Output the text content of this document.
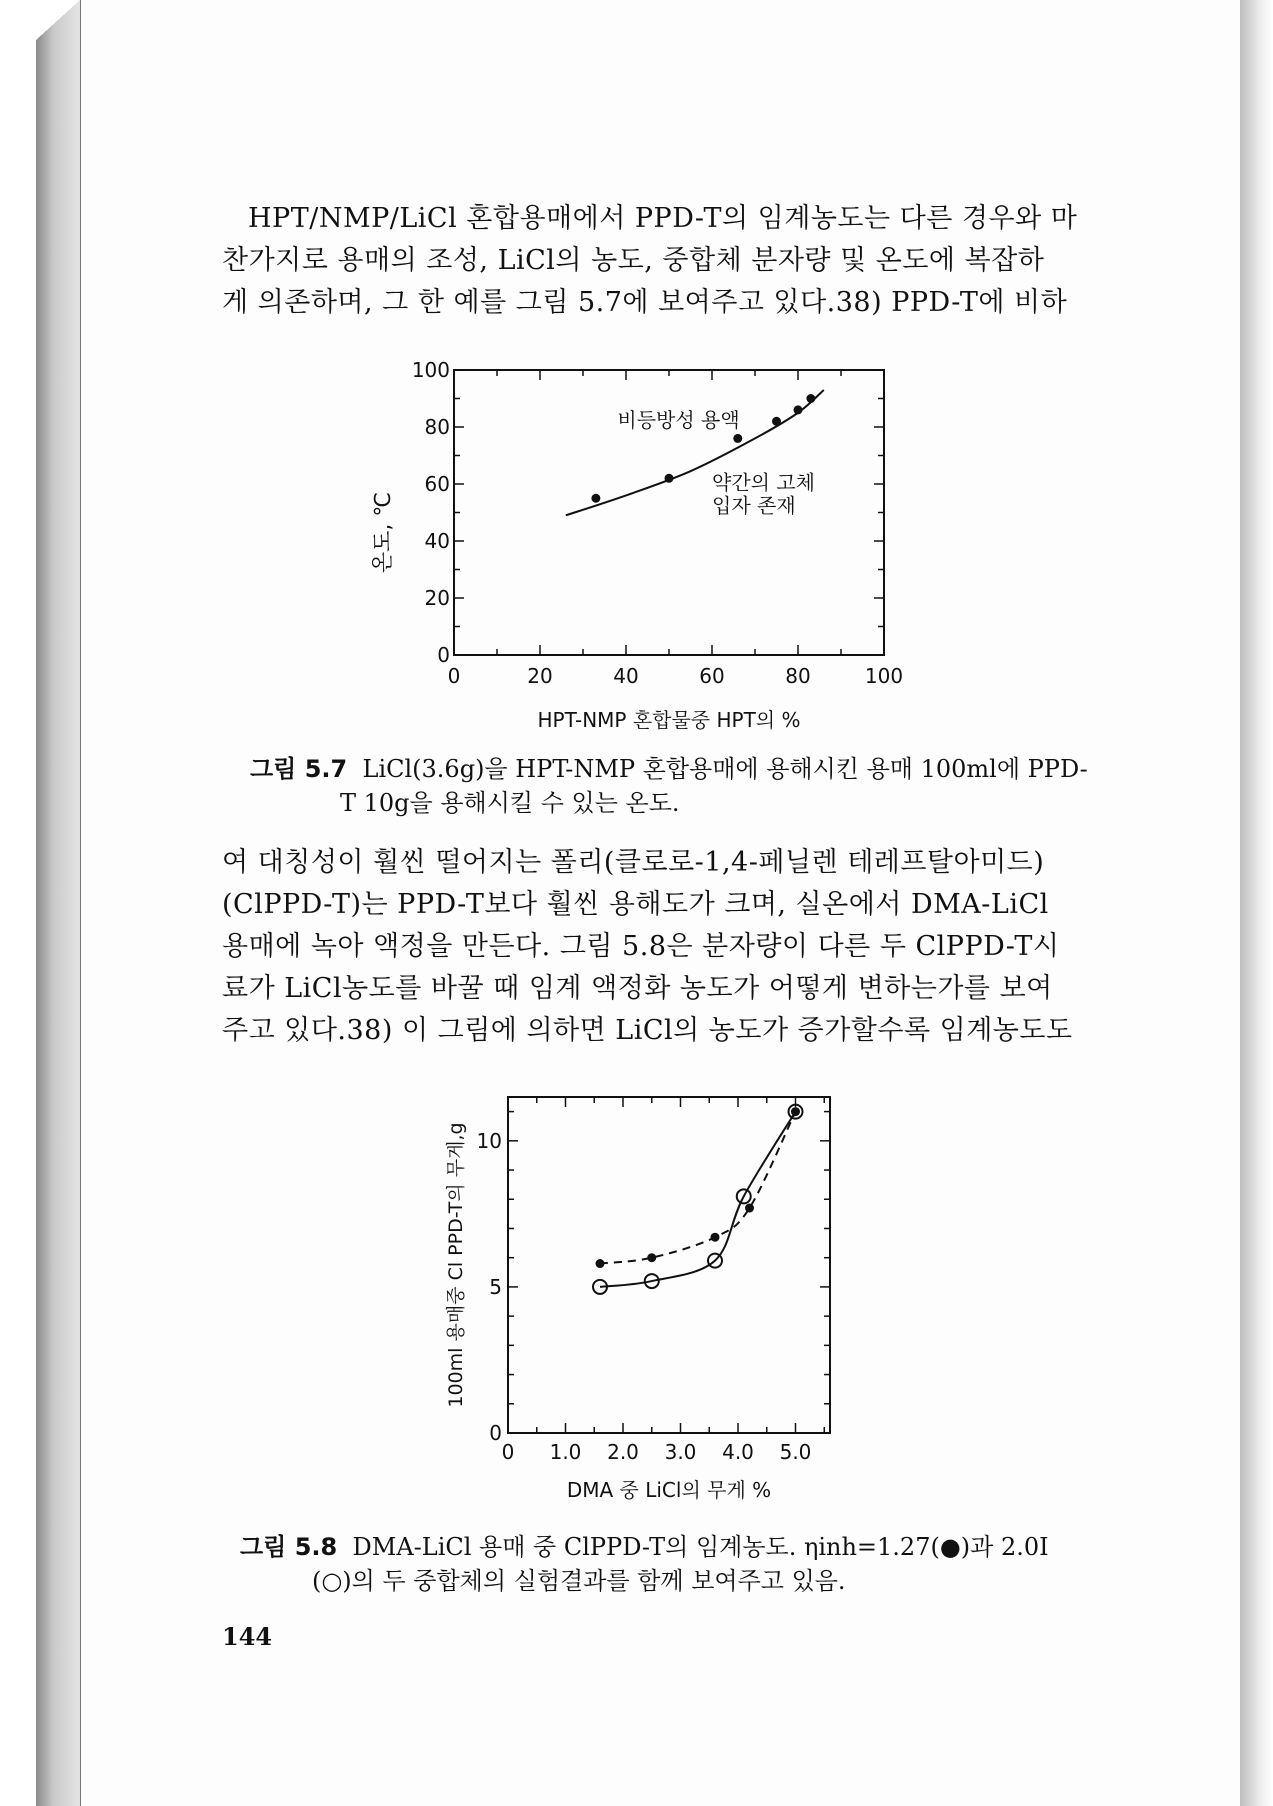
HPT/NMP/LiCl 혼합용매에서 PPD-T의 임계농도는 다른 경우와 마

찬가지로 용매의 조성, LiCl의 농도, 중합체 분자량 및 온도에 복잡하

게 의존하며, 그 한 예를 그림 5.7에 보여주고 있다.38) PPD-T에 비하

0	20	40	60	80	100
0
20
40
60
80
100
비등방성 용액
약간의 고체
입자 존재
HPT-NMP 혼합물중 HPT의 %
온도, ℃
그림 5.7 LiCl(3.6g)을 HPT-NMP 혼합용매에 용해시킨 용매 100ml에 PPD-
T 10g을 용해시킬 수 있는 온도.

여 대칭성이 훨씬 떨어지는 폴리(클로로-1,4-페닐렌 테레프탈아미드)

(ClPPD-T)는 PPD-T보다 훨씬 용해도가 크며, 실온에서 DMA-LiCl

용매에 녹아 액정을 만든다. 그림 5.8은 분자량이 다른 두 ClPPD-T시

료가 LiCl농도를 바꿀 때 임계 액정화 농도가 어떻게 변하는가를 보여

주고 있다.38) 이 그림에 의하면 LiCl의 농도가 증가할수록 임계농도도

0 1.0 2.0 3.0 4.0 5.0
0
5
10
DMA 중 LiCl의 무게 %
100ml 용매중 Cl PPD-T의 무게,g
그림 5.8 DMA-LiCl 용매 중 ClPPD-T의 임계농도. ηinh=1.27(●)과 2.0Ⅰ
(○)의 두 중합체의 실험결과를 함께 보여주고 있음.
144
